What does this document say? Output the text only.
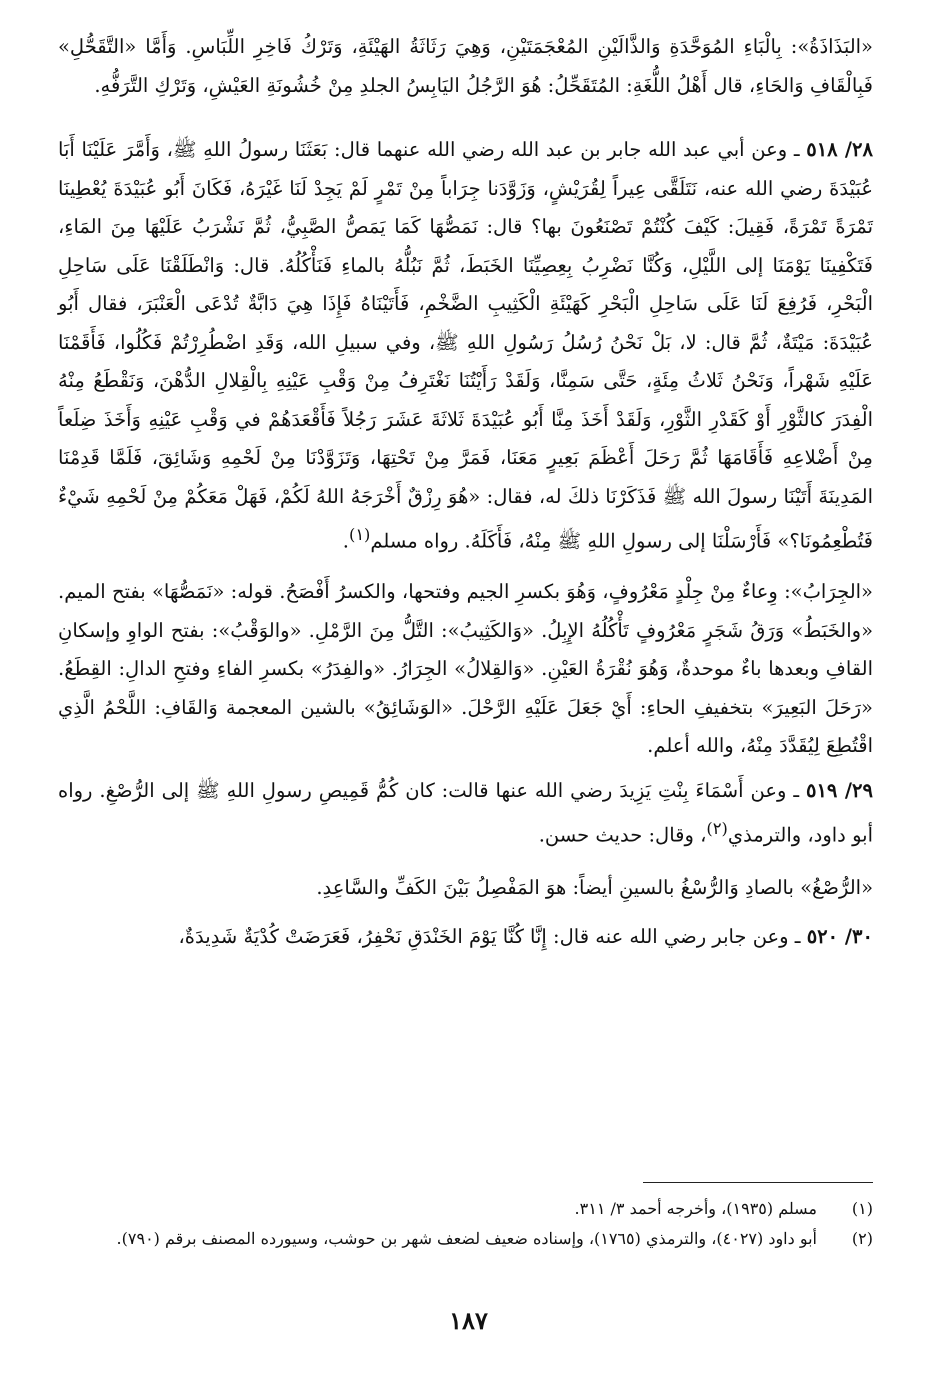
«البَذَاذَةُ»: بِالْبَاءِ المُوَحَّدَةِ وَالذَّالَيْنِ المُعْجَمَتَيْنِ، وَهِيَ رَثَاثَةُ الهَيْئَةِ، وَتَرْكُ فَاخِرِ اللِّبَاسِ. وَأَمَّا «التَّقَحُّلِ» فَبِالْقَافِ وَالحَاءِ، قال أَهْلُ اللُّغَةِ: المُتَقَحِّلُ: هُوَ الرَّجُلُ اليَابِسُ الجلدِ مِنْ خُشُونَةِ العَيْشِ، وَتَرْكِ التَّرَفُّهِ.

٢٨/ ٥١٨ ـ وعن أبي عبد الله جابر بن عبد الله رضي الله عنهما قال: بَعَثَنَا رسولُ اللهِ ﷺ، وَأَمَّرَ عَلَيْنَا أَبَا عُبَيْدَةَ رضي الله عنه، نَتَلَقَّى عِيراً لِقُرَيْشٍ، وَزَوَّدَنا جِرَاباً مِنْ تَمْرٍ لَمْ يَجِدْ لَنَا غَيْرَهُ، فَكَانَ أَبُو عُبَيْدَةَ يُعْطِينَا تَمْرَةً تَمْرَةً، فَقِيلَ: كَيْفَ كُنْتُمْ تَصْنَعُونَ بها؟ قال: نَمَصُّهَا كَمَا يَمَصُّ الصَّبِيُّ، ثُمَّ نَشْرَبُ عَلَيْهَا مِنَ المَاءِ، فَتَكْفِينَا يَوْمَنَا إلى اللَّيْلِ، وَكُنَّا نَضْرِبُ بِعِصِيِّنَا الخَبَطَ، ثُمَّ نَبُلُّهُ بالماءِ فَنَأْكُلُهُ. قال: وَانْطَلَقْنَا عَلَى سَاحِلِ الْبَحْرِ، فَرُفِعَ لَنَا عَلَى سَاحِلِ الْبَحْرِ كَهَيْئَةِ الْكَثِيبِ الضَّخْمِ، فَأَتَيْنَاهُ فَإِذَا هِيَ دَابَّةٌ تُدْعَى الْعَنْبَرَ، فقال أَبُو عُبَيْدَةَ: مَيْتَةٌ، ثُمَّ قال: لا، بَلْ نَحْنُ رُسُلُ رَسُولِ اللهِ ﷺ، وفي سبيلِ الله، وَقَدِ اضْطُرِرْتُمْ فَكُلُوا، فَأَقَمْنَا عَلَيْهِ شَهْراً، وَنَحْنُ ثَلاثُ مِئَةٍ، حَتَّى سَمِنَّا، وَلَقَدْ رَأَيْتُنَا نَغْتَرِفُ مِنْ وَقْبِ عَيْنِهِ بِالْقِلالِ الدُّهْنَ، وَنَقْطَعُ مِنْهُ الْفِدَرَ كالثَّوْرِ أَوْ كَقَدْرِ الثَّوْرِ، وَلَقَدْ أَخَذَ مِنَّا أَبُو عُبَيْدَةَ ثَلاثَةَ عَشَرَ رَجُلاً فَأَقْعَدَهُمْ في وَقْبِ عَيْنِهِ وَأَخَذَ ضِلَعاً مِنْ أَضْلاعِهِ فَأَقَامَهَا ثُمَّ رَحَلَ أَعْظَمَ بَعِيرٍ مَعَنَا، فَمَرَّ مِنْ تَحْتِهَا، وَتَزَوَّدْنَا مِنْ لَحْمِهِ وَشَائِقَ، فَلَمَّا قَدِمْنَا المَدِينَةَ أَتَيْنَا رسولَ الله ﷺ فَذَكَرْنَا ذلكَ له، فقال: «هُوَ رِزْقٌ أَخْرَجَهُ اللهُ لَكُمْ، فَهَلْ مَعَكُمْ مِنْ لَحْمِهِ شَيْءٌ فَتُطْعِمُونَا؟» فَأَرْسَلْنَا إلى رسولِ اللهِ ﷺ مِنْهُ، فَأَكَلَهُ. رواه مسلم$^{(١)}$.

«الجِرَابُ»: وِعاءٌ مِنْ جِلْدٍ مَعْرُوفٍ، وَهُوَ بكسرِ الجيم وفتحها، والكسرُ أَفْصَحُ. قوله: «نَمَصُّهَا» بفتح الميم. «والخَبَطُ» وَرَقُ شَجَرٍ مَعْرُوفٍ تَأْكُلُهُ الإِبِلُ. «وَالكَثِيبُ»: التَّلُّ مِنَ الرَّمْلِ. «والوَقْبُ»: بفتح الواوِ وإسكانِ القافِ وبعدها باءٌ موحدةٌ، وَهُوَ نُقْرَةُ العَيْنِ. «وَالقِلالُ» الجِرَارُ. «والفِدَرُ» بكسرِ الفاءِ وفتحِ الدالِ: القِطَعُ. «رَحَلَ البَعِيرَ» بتخفيفِ الحاءِ: أَيْ جَعَلَ عَلَيْهِ الرَّحْلَ. «الوَشَائِقُ» بالشين المعجمة وَالقَافِ: اللَّحْمُ الَّذِي اقْتُطِعَ لِيُقَدَّدَ مِنْهُ، والله أعلم.

٢٩/ ٥١٩ ـ وعن أَسْمَاءَ بِنْتِ يَزِيدَ رضي الله عنها قالت: كان كُمُّ قَمِيصِ رسولِ اللهِ ﷺ إلى الرُّصْغِ. رواه أبو داود، والترمذي$^{(٢)}$، وقال: حديث حسن.

«الرُّصْغُ» بالصادِ وَالرُّسْغُ بالسينِ أيضاً: هوَ المَفْصِلُ بَيْنَ الكَفِّ والسَّاعِدِ.

٣٠/ ٥٢٠ ـ وعن جابر رضي الله عنه قال: إِنَّا كُنَّا يَوْمَ الخَنْدَقِ نَحْفِرُ، فَعَرَضَتْ كُدْيَةٌ شَدِيدَةٌ،

(١)
مسلم (١٩٣٥)، وأخرجه أحمد ٣/ ٣١١.
(٢)
أبو داود (٤٠٢٧)، والترمذي (١٧٦٥)، وإسناده ضعيف لضعف شهر بن حوشب، وسيورده المصنف برقم (٧٩٠).
١٨٧
